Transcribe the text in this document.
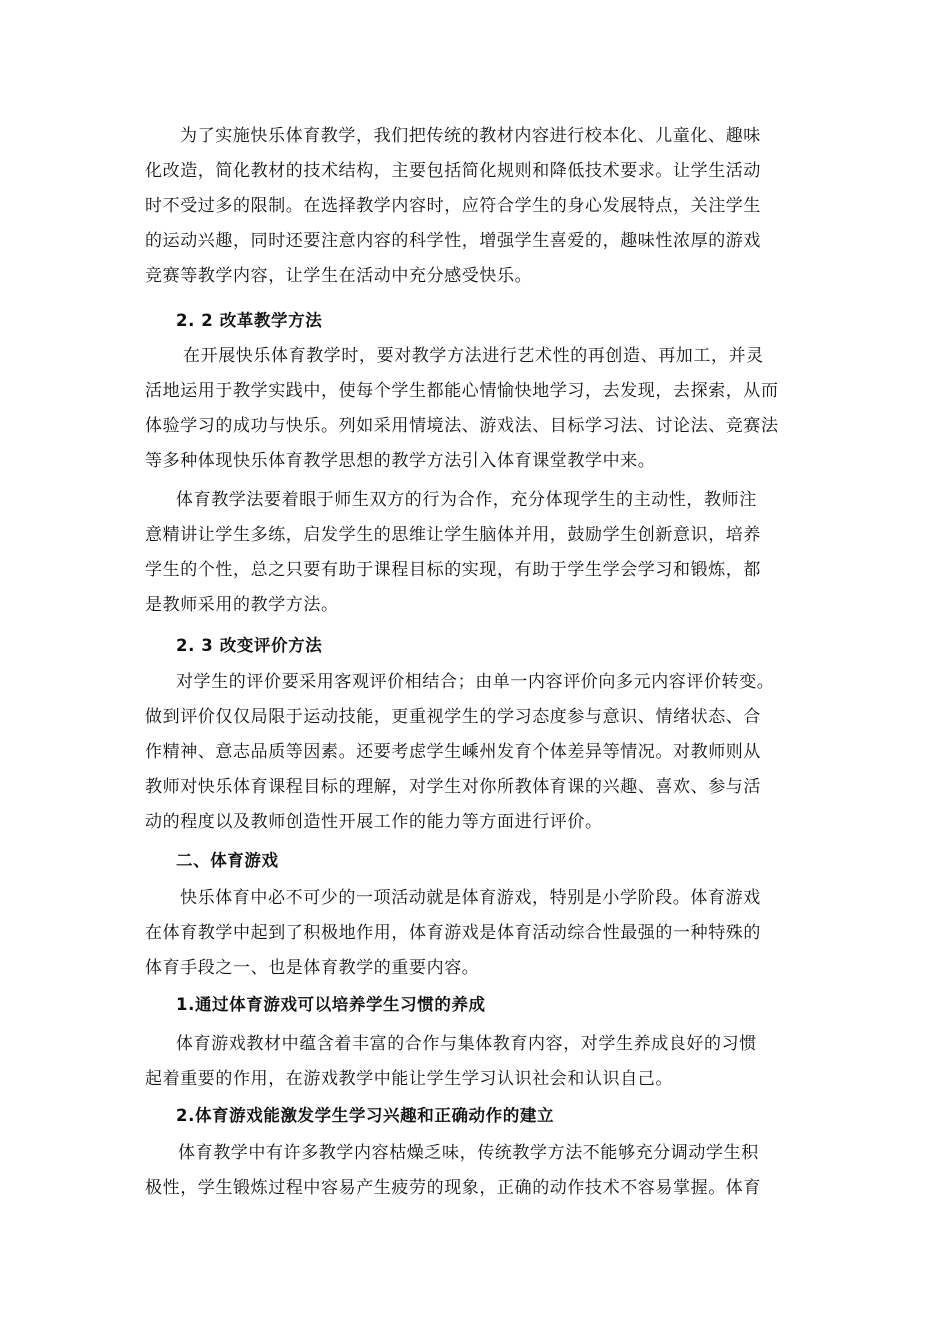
为了实施快乐体育教学，我们把传统的教材内容进行校本化、儿童化、趣味
化改造，简化教材的技术结构，主要包括简化规则和降低技术要求。让学生活动
时不受过多的限制。在选择教学内容时，应符合学生的身心发展特点，关注学生
的运动兴趣，同时还要注意内容的科学性，增强学生喜爱的，趣味性浓厚的游戏
竞赛等教学内容，让学生在活动中充分感受快乐。
2. 2 改革教学方法
在开展快乐体育教学时，要对教学方法进行艺术性的再创造、再加工，并灵
活地运用于教学实践中，使每个学生都能心情愉快地学习，去发现，去探索，从而
体验学习的成功与快乐。列如采用情境法、游戏法、目标学习法、讨论法、竞赛法
等多种体现快乐体育教学思想的教学方法引入体育课堂教学中来。
体育教学法要着眼于师生双方的行为合作，充分体现学生的主动性，教师注
意精讲让学生多练，启发学生的思维让学生脑体并用，鼓励学生创新意识，培养
学生的个性，总之只要有助于课程目标的实现，有助于学生学会学习和锻炼，都
是教师采用的教学方法。
2. 3 改变评价方法
对学生的评价要采用客观评价相结合；由单一内容评价向多元内容评价转变。
做到评价仅仅局限于运动技能，更重视学生的学习态度参与意识、情绪状态、合
作精神、意志品质等因素。还要考虑学生嵊州发育个体差异等情况。对教师则从
教师对快乐体育课程目标的理解，对学生对你所教体育课的兴趣、喜欢、参与活
动的程度以及教师创造性开展工作的能力等方面进行评价。
二、体育游戏
快乐体育中必不可少的一项活动就是体育游戏，特别是小学阶段。体育游戏
在体育教学中起到了积极地作用，体育游戏是体育活动综合性最强的一种特殊的
体育手段之一、也是体育教学的重要内容。
1.通过体育游戏可以培养学生习惯的养成
体育游戏教材中蕴含着丰富的合作与集体教育内容，对学生养成良好的习惯
起着重要的作用，在游戏教学中能让学生学习认识社会和认识自己。
2.体育游戏能激发学生学习兴趣和正确动作的建立
体育教学中有许多教学内容枯燥乏味，传统教学方法不能够充分调动学生积
极性，学生锻炼过程中容易产生疲劳的现象，正确的动作技术不容易掌握。体育
